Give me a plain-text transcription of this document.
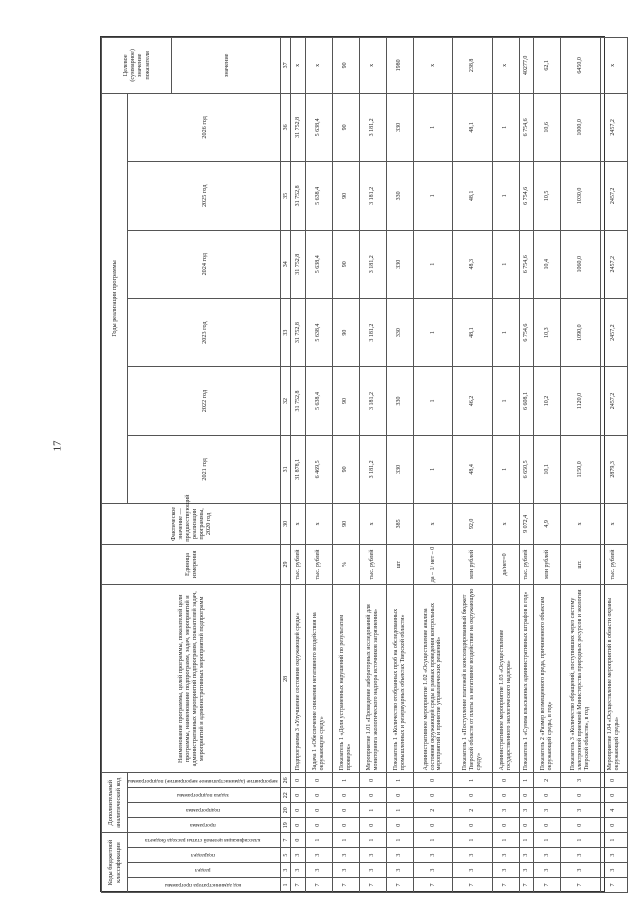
17
Коды бюджетной классификации				Дополнительный аналитический код				Наименование программы, целей программы, показателей цели программы, наименование подпрограмм, задач, мероприятий и административных мероприятий подпрограмм, показателей задач, мероприятий и административных мероприятий подпрограмм	Единица измерения	Фактическое значение — предшествующий реализации программы, 2020 год	Годы реализации программы						Целевое (суммарное) значение показателя
код администратора программы	раздел	подраздел	классификация целевой статьи расхода бюджета	программа	подпрограмма	задача подпрограммы	мероприятие (административное мероприятие) подпрограммы				2021 год	2022 год	2023 год	2024 год	2025 год	2026 год	
																	значение
1	3	5	7	19	20	22	26	28	29	30	31	32	33	34	35	36	37
7	3	3	0	0	0	0	0	Подпрограмма 3 «Улучшение состояния окружающей среды»	тыс. рублей	х	31 878,1	31 752,8	31 752,8	31 752,8	31 752,8	31 752,8	х
7	3	3	1	0	0	0	0	Задача 1 «Обеспечение снижения негативного воздействия на окружающую среду»	тыс. рублей	х	6 469,5	5 638,4	5 638,4	5 638,4	5 638,4	5 638,4	х
7	3	3	1	0	0	0	1	Показатель 1 «Доля устраненных нарушений по результатам проверок»	%	90	90	90	90	90	90	90	90
7	3	3	1	0	1	0	0	Мероприятие 1.01 «Проведение лабораторных исследований для мониторинга экологического надзора источников загрязнения»	тыс. рублей	х	3 181,2	3 181,2	3 181,2	3 181,2	3 181,2	3 181,2	х
7	3	3	1	0	1	0	1	Показатель 1 «Количество отобранных проб на обследованных промышленных и резервуарных объектах Тверской области»	шт	385	330	330	330	330	330	330	1980
7	3	3	1	0	2	0	0	Административное мероприятие 1.02 «Осуществление анализа состояния окружающей среды в рамках проведения контрольных мероприятий и принятие управленческих решений»	да – 1/ нет – 0	х	1	1	1	1	1	1	х
7	3	3	1	0	2	0	1	Показатель 1 «Поступление платежей в консолидированный бюджет Тверской области от платы за негативное воздействие на окружающую среду»	млн рублей	92,0	48,4	46,2	48,1	48,3	48,1	48,1	238,8
7	3	3	1	0	3	0	0	Административное мероприятие 1.03 «Осуществление государственного экологического надзора»	да/нет=0	х	1	1	1	1	1	1	х
7	3	3	1	0	3	0	1	Показатель 1 «Сумма взысканных административных штрафов в год»	тыс. рублей	9 072,4	6 650,5	6 608,1	6 754,6	6 754,6	6 754,6	6 754,6	40277,0
7	3	3	1	0	3	0	2	Показатель 2 «Размер возмещенного вреда, причиненного объектам окружающей среды, в год»	млн рублей	4,9	10,1	10,2	10,3	10,4	10,5	10,6	62,1
7	3	3	1	0	3	0	3	Показатель 3 «Количество обращений, поступивших через систему электронной приемной Министерства природных ресурсов и экологии Тверской области», в год	шт.	х	1150,0	1120,0	1090,0	1060,0	1030,0	1000,0	6450,0
7	3	3	1	0	4	0	0	Мероприятие 1.04 «Осуществление мероприятий в области охраны окружающей среды»	тыс. рублей	х	2879,3	2457,2	2457,2	2457,2	2457,2	2457,2	х
